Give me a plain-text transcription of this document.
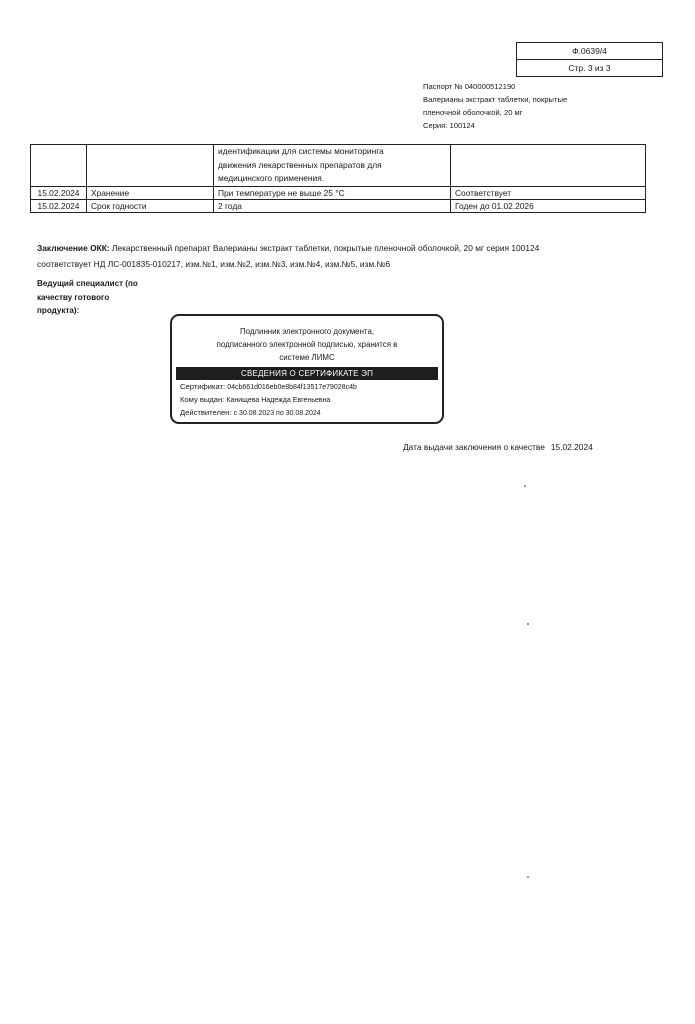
Ф.0639/4
Стр. 3 из 3
Паспорт № 040000512190
Валерианы экстракт таблетки, покрытые
пленочной оболочкой, 20 мг
Серия: 100124

		идентификации для системы мониторинга
движения лекарственных препаратов для
медицинского применения.	

15.02.2024	Хранение	При температуре не выше 25 °С	Соответствует
15.02.2024	Срок годности	2 года	Годен до 01.02.2026
Заключение ОКК: Лекарственный препарат Валерианы экстракт таблетки, покрытые пленочной оболочкой, 20 мг серия 100124
соответствует НД ЛС-001835-010217, изм.№1, изм.№2, изм.№3, изм.№4, изм.№5, изм.№6
Ведущий специалист (по
качеству готового
продукта):
Подлинник электронного документа,
подписанного электронной подписью, хранится в
системе ЛИМС
СВЕДЕНИЯ О СЕРТИФИКАТЕ ЭП
Сертификат: 04cb661d016eb0e8b84f13517e79028c4b
Кому выдан: Канищева Надежда Евгеньевна
Действителен: с 30.08.2023 по 30.08.2024
Дата выдачи заключения о качестве 15.02.2024
